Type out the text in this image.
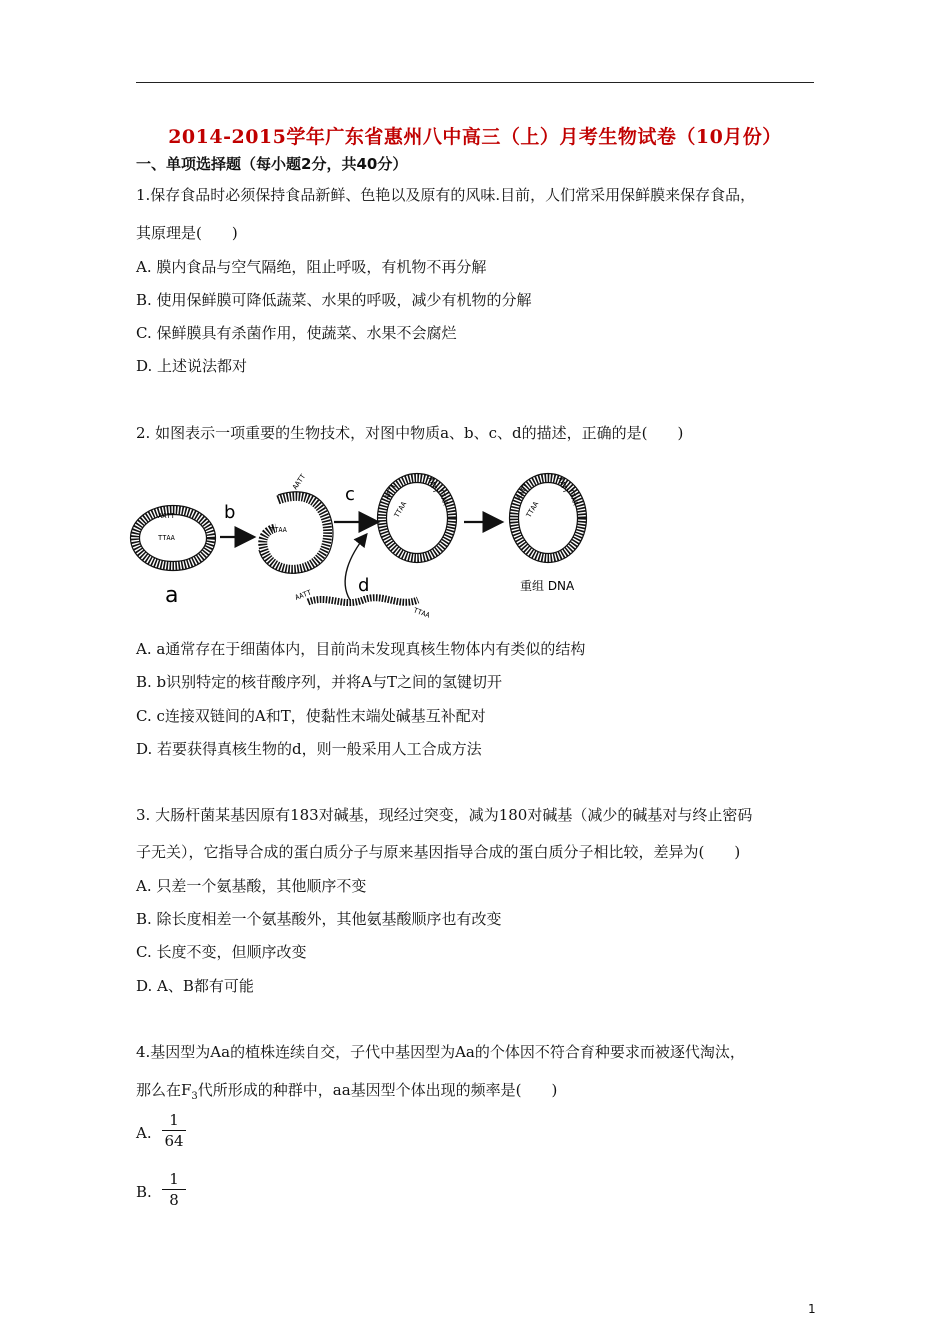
2014-2015学年广东省惠州八中高三（上）月考生物试卷（10月份）
一、单项选择题（每小题2分，共40分）
1.保存食品时必须保持食品新鲜、色艳以及原有的风味.目前，人们常采用保鲜膜来保存食品，
其原理是(　　)
A. 膜内食品与空气隔绝，阻止呼吸，有机物不再分解
B. 使用保鲜膜可降低蔬菜、水果的呼吸，减少有机物的分解
C. 保鲜膜具有杀菌作用，使蔬菜、水果不会腐烂
D. 上述说法都对
2. 如图表示一项重要的生物技术，对图中物质a、b、c、d的描述，正确的是(　　)
AATT
TTAA
a
b
AATT
TTAA
c
AATT
TTAA
d
AATT
TTAA
AATT
TTAA	AATT
TTAA
AATT
TTAA
重组 DNA
A. a通常存在于细菌体内，目前尚未发现真核生物体内有类似的结构
B. b识别特定的核苷酸序列，并将A与T之间的氢键切开
C. c连接双链间的A和T，使黏性末端处碱基互补配对
D. 若要获得真核生物的d，则一般采用人工合成方法
3. 大肠杆菌某基因原有183对碱基，现经过突变，减为180对碱基（减少的碱基对与终止密码
子无关），它指导合成的蛋白质分子与原来基因指导合成的蛋白质分子相比较，差异为(　　)
A. 只差一个氨基酸，其他顺序不变
B. 除长度相差一个氨基酸外，其他氨基酸顺序也有改变
C. 长度不变，但顺序改变
D. A、B都有可能
4.基因型为Aa的植株连续自交，子代中基因型为Aa的个体因不符合育种要求而被逐代淘汰，
那么在$F_3$代所形成的种群中，aa基因型个体出现的频率是(　　)
A. $\frac{1}{64}$
B. $\frac{1}{8}$
1
